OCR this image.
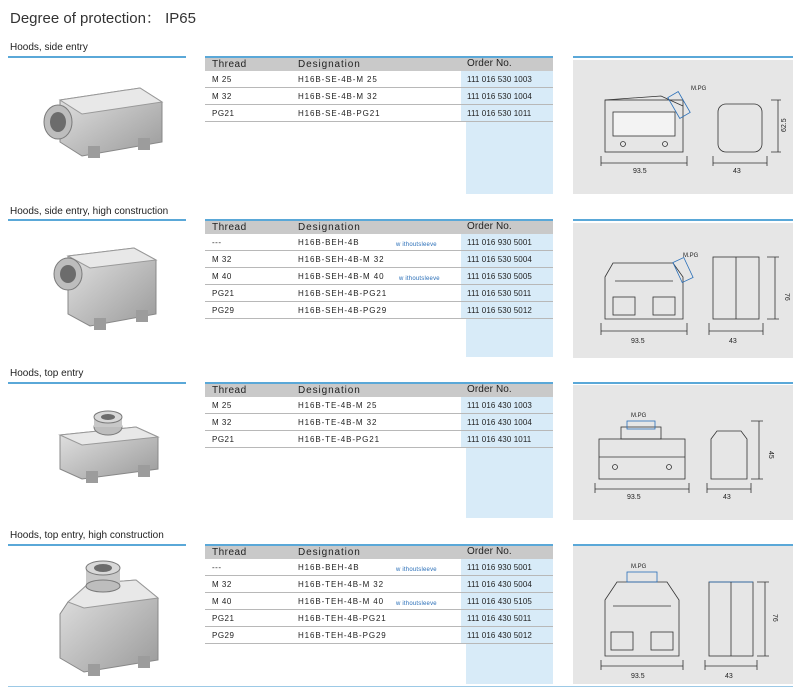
Degree of protection： IP65
Hoods, side entry
Thread	Designation	Order No.
M 25	H16B-SE-4B-M 25	111 016 530 1003
M 32	H16B-SE-4B-M 32	111 016 530 1004
PG21	H16B-SE-4B-PG21	111 016 530 1011
93.5	43
62.5
M.PG
Hoods, side entry, high construction
Thread	Designation	Order No.
---	H16B-BEH-4B	w ithoutsleeve	111 016 930 5001
M 32	H16B-SEH-4B-M 32	111 016 530 5004
M 40	H16B-SEH-4B-M 40 w ithoutsleeve	111 016 530 5005
PG21	H16B-SEH-4B-PG21	111 016 530 5011
PG29	H16B-SEH-4B-PG29	111 016 530 5012
93.5	43
76
M.PG
Hoods, top entry
Thread	Designation	Order No.
M 25	H16B-TE-4B-M 25	111 016 430 1003
M 32	H16B-TE-4B-M 32	111 016 430 1004
PG21	H16B-TE-4B-PG21	111 016 430 1011
93.5	43
45
M.PG
Hoods, top entry, high construction
Thread	Designation	Order No.
---	H16B-BEH-4B	w ithoutsleeve	111 016 930 5001
M 32	H16B-TEH-4B-M 32	111 016 430 5004
M 40	H16B-TEH-4B-M 40 w ithoutsleeve	111 016 430 5105
PG21	H16B-TEH-4B-PG21	111 016 430 5011
PG29	H16B-TEH-4B-PG29	111 016 430 5012
93.5	43
76
M.PG
